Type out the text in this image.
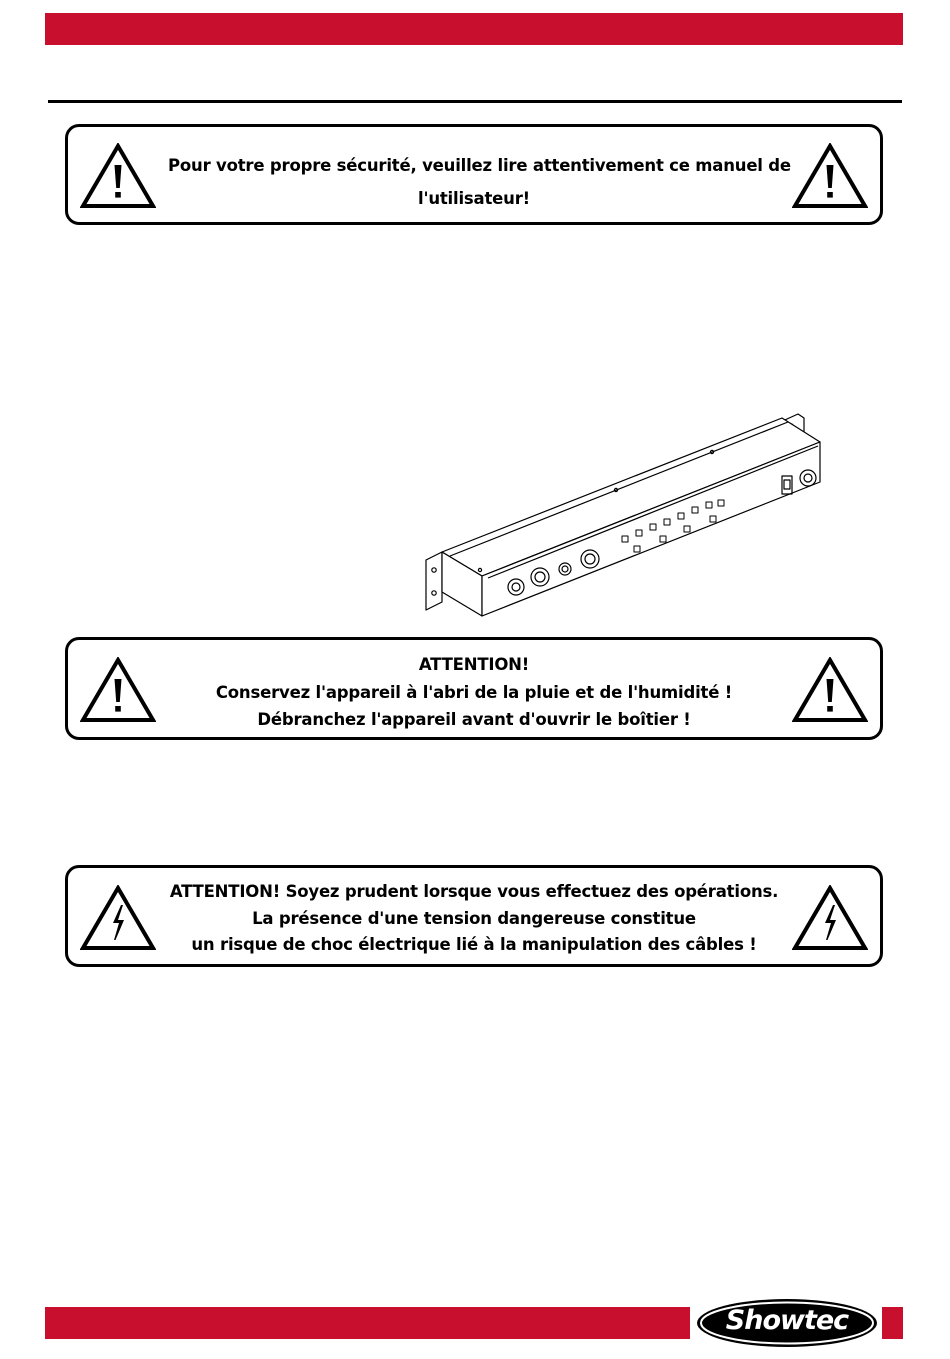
Pour votre propre sécurité, veuillez lire attentivement ce manuel de
l'utilisateur!
ATTENTION!
Conservez l'appareil à l'abri de la pluie et de l'humidité !
Débranchez l'appareil avant d'ouvrir le boîtier !
ATTENTION! Soyez prudent lorsque vous effectuez des opérations.
La présence d'une tension dangereuse constitue
un risque de choc électrique lié à la manipulation des câbles !
Showtec	®
